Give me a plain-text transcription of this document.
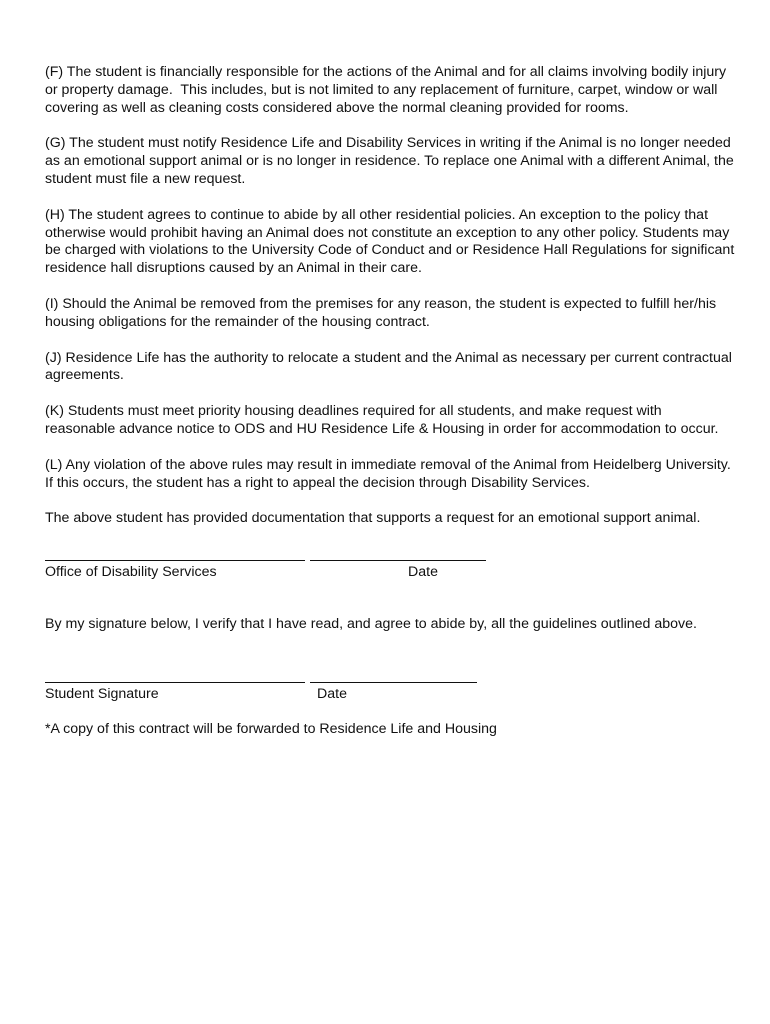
(F) The student is financially responsible for the actions of the Animal and for all claims involving bodily injury or property damage.  This includes, but is not limited to any replacement of furniture, carpet, window or wall covering as well as cleaning costs considered above the normal cleaning provided for rooms.

(G) The student must notify Residence Life and Disability Services in writing if the Animal is no longer needed as an emotional support animal or is no longer in residence. To replace one Animal with a different Animal, the student must file a new request.

(H) The student agrees to continue to abide by all other residential policies. An exception to the policy that otherwise would prohibit having an Animal does not constitute an exception to any other policy. Students may be charged with violations to the University Code of Conduct and or Residence Hall Regulations for significant residence hall disruptions caused by an Animal in their care.

(I) Should the Animal be removed from the premises for any reason, the student is expected to fulfill her/his housing obligations for the remainder of the housing contract.

(J) Residence Life has the authority to relocate a student and the Animal as necessary per current contractual agreements.

(K) Students must meet priority housing deadlines required for all students, and make request with reasonable advance notice to ODS and HU Residence Life & Housing in order for accommodation to occur.

(L) Any violation of the above rules may result in immediate removal of the Animal from Heidelberg University.   If this occurs, the student has a right to appeal the decision through Disability Services.

The above student has provided documentation that supports a request for an emotional support animal.

Office of Disability Services	Date

By my signature below, I verify that I have read, and agree to abide by, all the guidelines outlined above.

Student Signature	Date
*A copy of this contract will be forwarded to Residence Life and Housing
